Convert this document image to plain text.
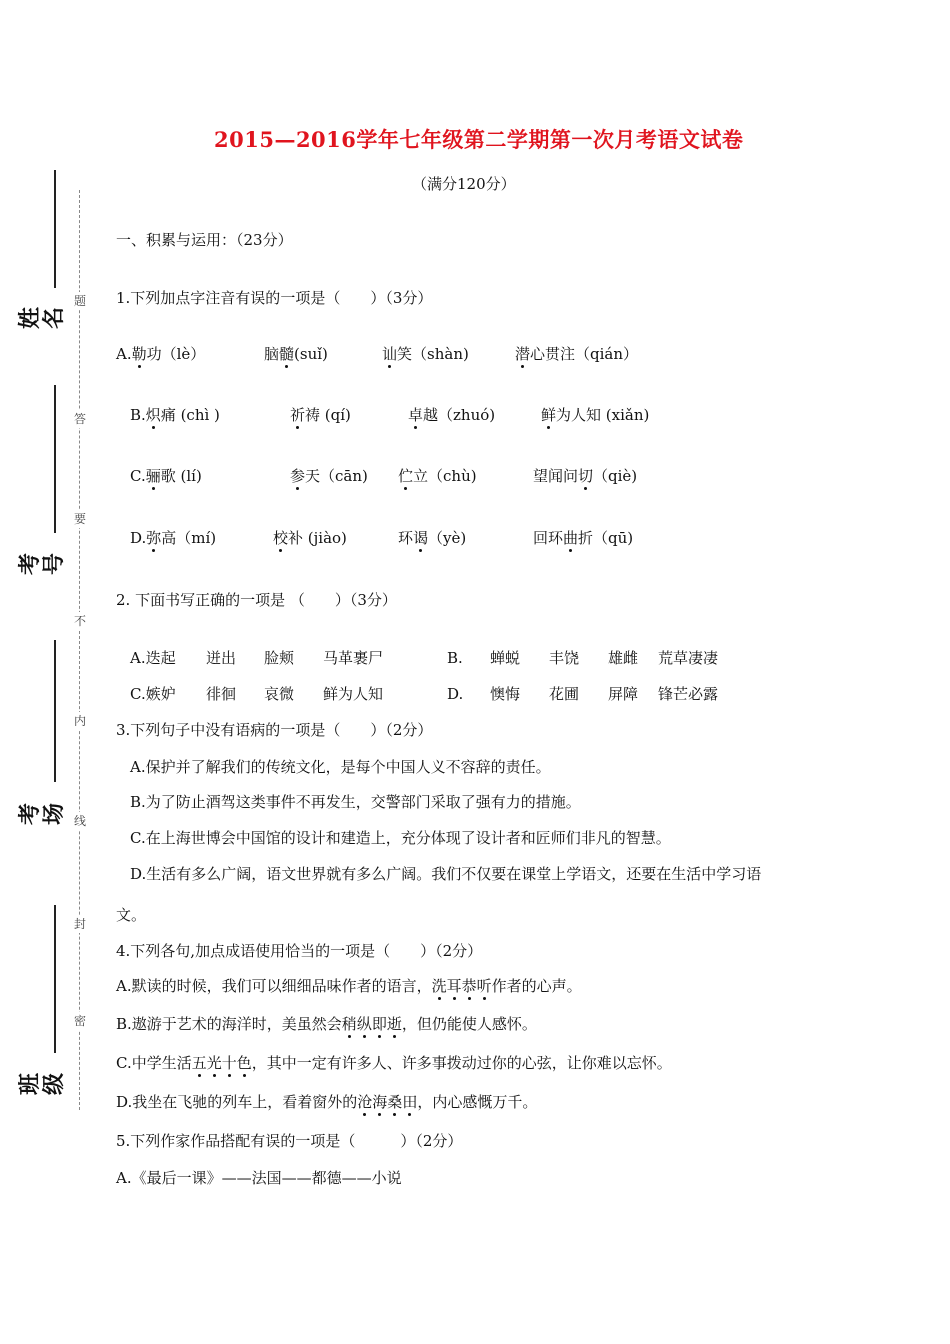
题
答
要
不
内
线
封
密
姓名
考号
考场
班级
2015—2016学年七年级第二学期第一次月考语文试卷
（满分120分）
一、积累与运用：（23分）
1.下列加点字注音有误的一项是（　　）（3分）
A.勒功（lè）	脑髓(suǐ)	讪笑（shàn)	潜心贯注（qián）
B.炽痛 (chì )	祈祷 (qí)	卓越（zhuó)	鲜为人知 (xiǎn)
C.骊歌 (lí)	参天（cān) 伫立（chù)	望闻问切（qiè)
D.弥高（mí)	校补 (jiào)	环谒（yè)	回环曲折（qū)
2. 下面书写正确的一项是 （　　）（3分）
A.迭起 迸出 脸颊 马革裹尸	B. 蝉蜕 丰饶 雄雌 荒草凄凄
C.嫉妒 徘徊 哀微 鲜为人知	D. 懊悔 花圃 屏障 锋芒必露
3.下列句子中没有语病的一项是（　　）（2分）
A.保护并了解我们的传统文化，是每个中国人义不容辞的责任。
B.为了防止酒驾这类事件不再发生，交警部门采取了强有力的措施。
C.在上海世博会中国馆的设计和建造上，充分体现了设计者和匠师们非凡的智慧。
D.生活有多么广阔，语文世界就有多么广阔。我们不仅要在课堂上学语文，还要在生活中学习语
文。
4.下列各句,加点成语使用恰当的一项是（　　）（2分）
A.默读的时候，我们可以细细品味作者的语言，洗耳恭听作者的心声。
B.遨游于艺术的海洋时，美虽然会稍纵即逝，但仍能使人感怀。
C.中学生活五光十色，其中一定有许多人、许多事拨动过你的心弦，让你难以忘怀。
D.我坐在飞驰的列车上，看着窗外的沧海桑田，内心感慨万千。
5.下列作家作品搭配有误的一项是（　　　）（2分）
A.《最后一课》——法国——都德——小说
